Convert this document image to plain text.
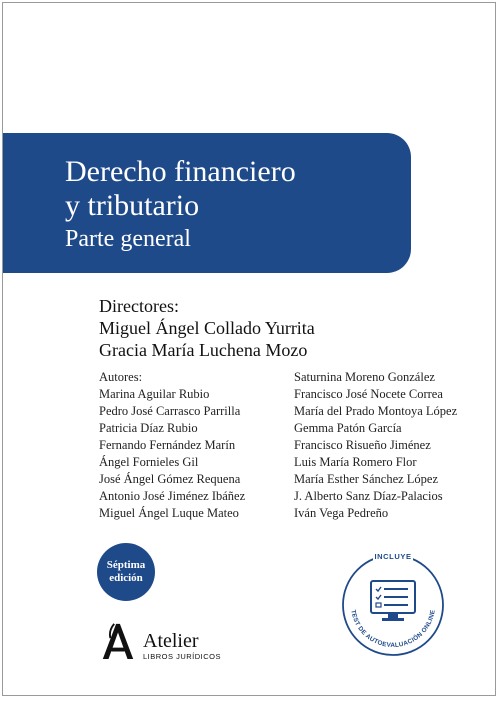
Derecho financiero
y tributario
Parte general
Directores:
Miguel Ángel Collado Yurrita
Gracia María Luchena Mozo
Autores:
Marina Aguilar Rubio
Pedro José Carrasco Parrilla
Patricia Díaz Rubio
Fernando Fernández Marín
Ángel Fornieles Gil
José Ángel Gómez Requena
Antonio José Jiménez Ibáñez
Miguel Ángel Luque Mateo
Saturnina Moreno González
Francisco José Nocete Correa
María del Prado Montoya López
Gemma Patón García
Francisco Risueño Jiménez
Luis María Romero Flor
María Esther Sánchez López
J. Alberto Sanz Díaz-Palacios
Iván Vega Pedreño
Séptima
edición
INCLUYE
TEST DE AUTOEVALUACIÓN ONLINE
Atelier
LIBROS JURÍDICOS
